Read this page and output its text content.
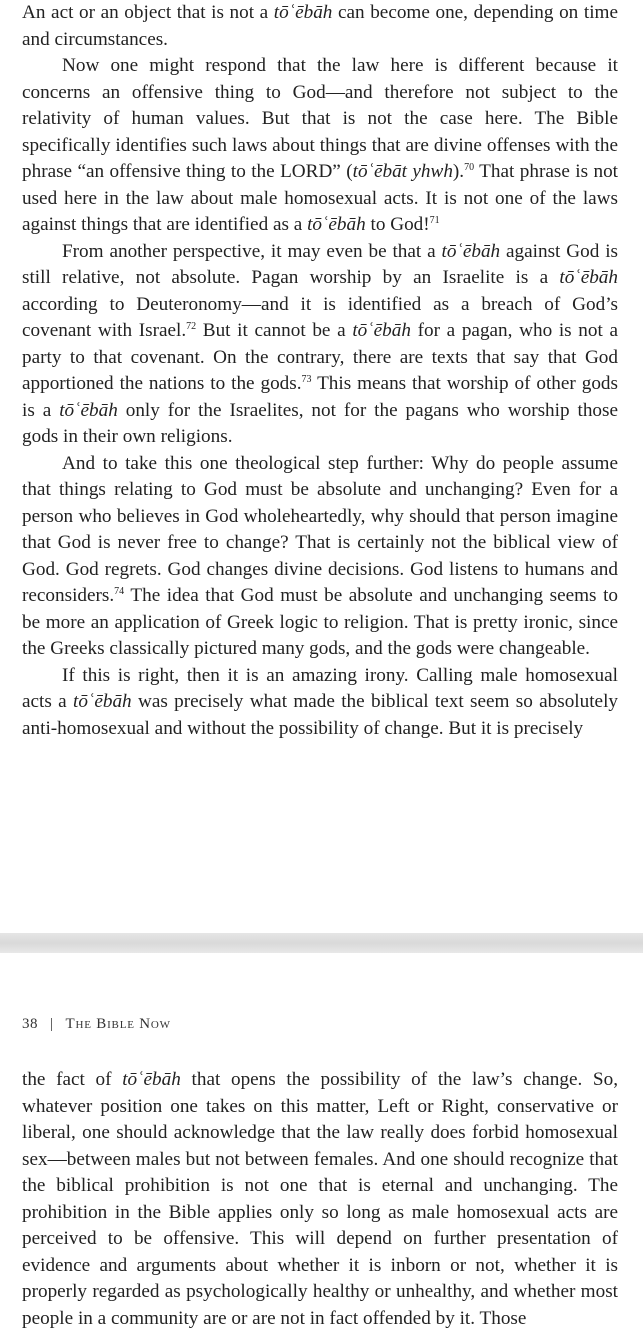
An act or an object that is not a tōʿēbāh can become one, depending on time and circumstances.

Now one might respond that the law here is different because it concerns an offensive thing to God—and therefore not subject to the relativity of human values. But that is not the case here. The Bible specifically identifies such laws about things that are divine offenses with the phrase “an offensive thing to the LORD” (tōʿēbāt yhwh).$^{70}$ That phrase is not used here in the law about male homosexual acts. It is not one of the laws against things that are identified as a tōʿēbāh to God!$^{71}$

From another perspective, it may even be that a tōʿēbāh against God is still relative, not absolute. Pagan worship by an Israelite is a tōʿēbāh according to Deuteronomy—and it is identified as a breach of God’s covenant with Israel.$^{72}$ But it cannot be a tōʿēbāh for a pagan, who is not a party to that covenant. On the contrary, there are texts that say that God apportioned the nations to the gods.$^{73}$ This means that worship of other gods is a tōʿēbāh only for the Israelites, not for the pagans who worship those gods in their own religions.

And to take this one theological step further: Why do people assume that things relating to God must be absolute and unchanging? Even for a person who believes in God wholeheartedly, why should that person imagine that God is never free to change? That is certainly not the biblical view of God. God regrets. God changes divine decisions. God listens to humans and reconsiders.$^{74}$ The idea that God must be absolute and unchanging seems to be more an application of Greek logic to religion. That is pretty ironic, since the Greeks classically pictured many gods, and the gods were changeable.

If this is right, then it is an amazing irony. Calling male homosexual acts a tōʿēbāh was precisely what made the biblical text seem so absolutely anti-homosexual and without the possibility of change. But it is precisely

38 | The Bible Now

the fact of tōʿēbāh that opens the possibility of the law’s change. So, whatever position one takes on this matter, Left or Right, conservative or liberal, one should acknowledge that the law really does forbid homosexual sex—between males but not between females. And one should recognize that the biblical prohibition is not one that is eternal and unchanging. The prohibition in the Bible applies only so long as male homosexual acts are perceived to be offensive. This will depend on further presentation of evidence and arguments about whether it is inborn or not, whether it is properly regarded as psychologically healthy or unhealthy, and whether most people in a community are or are not in fact offended by it. Those
